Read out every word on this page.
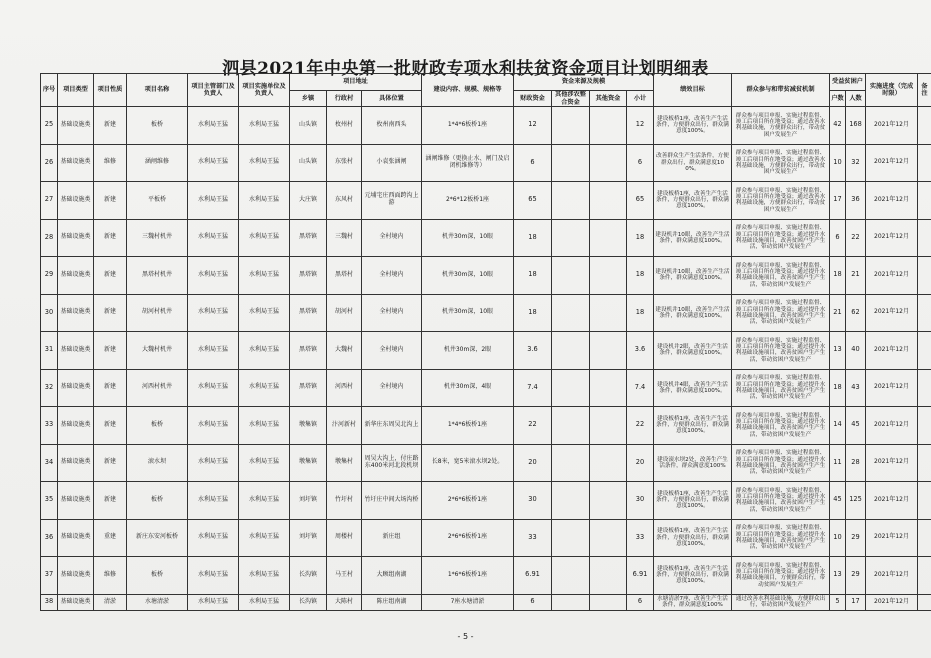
泗县2021年中央第一批财政专项水利扶贫资金项目计划明细表
序号	项目类型	项目性质	项目名称	项目主管部门及负责人	项目实施单位及负责人	项目地址			建设内容、规模、规格等	资金来源及规模				绩效目标	群众参与和带贫减贫机制	受益贫困户		实施进度（完成时限）	备注
						乡镇	行政村	具体位置		财政资金	其他涉农整合资金	其他资金	小计			户数	人数		
25	基础设施类	新建	板桥	水利局王猛	水利局王猛	山头镇	枚州村	枚州南西头	1*4*6板桥1座	12			12	建设板桥1座，改善生产生活条件，方便群众出行，群众满意度100%。	群众参与项目申报、实施过程监督、竣工后项目所在地受益；通过改善水利基础设施，方便群众出行，带动贫困户发展生产	42	168	2021年12月	
26	基础设施类	维修	涵闸维修	水利局王猛	水利局王猛	山头镇	东张村	小袁张涵闸	涵闸维修（更换止水、闸门及启闭机维修等）	6			6	改善群众生产生活条件，方便群众出行，群众满意度100%。	群众参与项目申报、实施过程监督、竣工后项目所在地受益；通过改善水利基础设施，方便群众出行，带动贫困户发展生产	10	32	2021年12月	
27	基础设施类	新建	平板桥	水利局王猛	水利局王猛	大庄镇	东风村	元埔宅庄西面跨沟上游	2*6*12板桥1座	65			65	建设板桥1座，改善生产生活条件，方便群众出行，群众满意度100%。	群众参与项目申报、实施过程监督、竣工后项目所在地受益；通过改善水利基础设施，方便群众出行，带动贫困户发展生产	17	36	2021年12月	
28	基础设施类	新建	三魏村机井	水利局王猛	水利局王猛	黑塔镇	三魏村	全村境内	机井30m深，10眼	18			18	建设机井10眼，改善生产生活条件，群众满意度100%。	群众参与项目申报、实施过程监督、竣工后项目所在地受益；通过提升水利基础设施项目，改善贫困户生产生活，带动贫困户发展生产	6	22	2021年12月	
29	基础设施类	新建	黑塔村机井	水利局王猛	水利局王猛	黑塔镇	黑塔村	全村境内	机井30m深，10眼	18			18	建设机井10眼，改善生产生活条件，群众满意度100%。	群众参与项目申报、实施过程监督、竣工后项目所在地受益；通过提升水利基础设施项目，改善贫困户生产生活，带动贫困户发展生产	18	21	2021年12月	
30	基础设施类	新建	胡河村机井	水利局王猛	水利局王猛	黑塔镇	胡河村	全村境内	机井30m深，10眼	18			18	建设机井10眼，改善生产生活条件，群众满意度100%。	群众参与项目申报、实施过程监督、竣工后项目所在地受益；通过提升水利基础设施项目，改善贫困户生产生活，带动贫困户发展生产	21	62	2021年12月	
31	基础设施类	新建	大魏村机井	水利局王猛	水利局王猛	黑塔镇	大魏村	全村境内	机井30m深，2眼	3.6			3.6	建设机井2眼，改善生产生活条件，群众满意度100%。	群众参与项目申报、实施过程监督、竣工后项目所在地受益；通过提升水利基础设施项目，改善贫困户生产生活，带动贫困户发展生产	13	40	2021年12月	
32	基础设施类	新建	河西村机井	水利局王猛	水利局王猛	黑塔镇	河西村	全村境内	机井30m深，4眼	7.4			7.4	建设机井4眼，改善生产生活条件，群众满意度100%。	群众参与项目申报、实施过程监督、竣工后项目所在地受益；通过提升水利基础设施项目，改善贫困户生产生活，带动贫困户发展生产	18	43	2021年12月	
33	基础设施类	新建	板桥	水利局王猛	水利局王猛	墩集镇	汴河新村	新华庄东周吴北沟上	1*4*6板桥1座	22			22	建设板桥1座，改善生产生活条件，方便群众出行，群众满意度100%。	群众参与项目申报、实施过程监督、竣工后项目所在地受益；通过提升水利基础设施项目，改善贫困户生产生活，带动贫困户发展生产	14	45	2021年12月	
34	基础设施类	新建	滚水坝	水利局王猛	水利局王猛	墩集镇	墩集村	周吴大沟上，付庄路东400米河北段机坝	长8米，宽5米滚水坝2处。	20			20	建设滚水坝2处，改善生产生活条件，群众满意度100%	群众参与项目申报、实施过程监督、竣工后项目所在地受益；通过提升水利基础设施项目，改善贫困户生产生活，带动贫困户发展生产	11	28	2021年12月	
35	基础设施类	新建	板桥	水利局王猛	水利局王猛	刘圩镇	竹圩村	竹圩庄中间大场沟桥	2*6*6板桥1座	30			30	建设板桥1座，改善生产生活条件，方便群众出行，群众满意度100%。	群众参与项目申报、实施过程监督、竣工后项目所在地受益；通过提升水利基础设施项目，改善贫困户生产生活，带动贫困户发展生产	45	125	2021年12月	
36	基础设施类	重建	新庄东安河板桥	水利局王猛	水利局王猛	刘圩镇	周楼村	新庄组	2*6*6板桥1座	33			33	建设板桥1座，改善生产生活条件，方便群众出行，群众满意度100%。	群众参与项目申报、实施过程监督、竣工后项目所在地受益；通过提升水利基础设施项目，改善贫困户生产生活，带动贫困户发展生产	10	29	2021年12月	
37	基础设施类	维修	板桥	水利局王猛	水利局王猛	长沟镇	马王村	大顾组南湖	1*6*6板桥1座	6.91			6.91	建设板桥1座，改善生产生活条件，方便群众出行，群众满意度100%。	群众参与项目申报、实施过程监督、竣工后项目所在地受益；通过提升水利基础设施项目，方便群众出行，带动贫困户发展生产	13	29	2021年12月	
38	基础设施类	清淤	水塘清淤	水利局王猛	水利局王猛	长沟镇	大陈村	陈庄组南湖	7座水塘清淤	6			6	水塘清淤7座，改善生产生活条件，群众满意度100%	通过改善水利基础设施，方便群众出行，带动贫困户发展生产	5	17	2021年12月	
- 5 -
